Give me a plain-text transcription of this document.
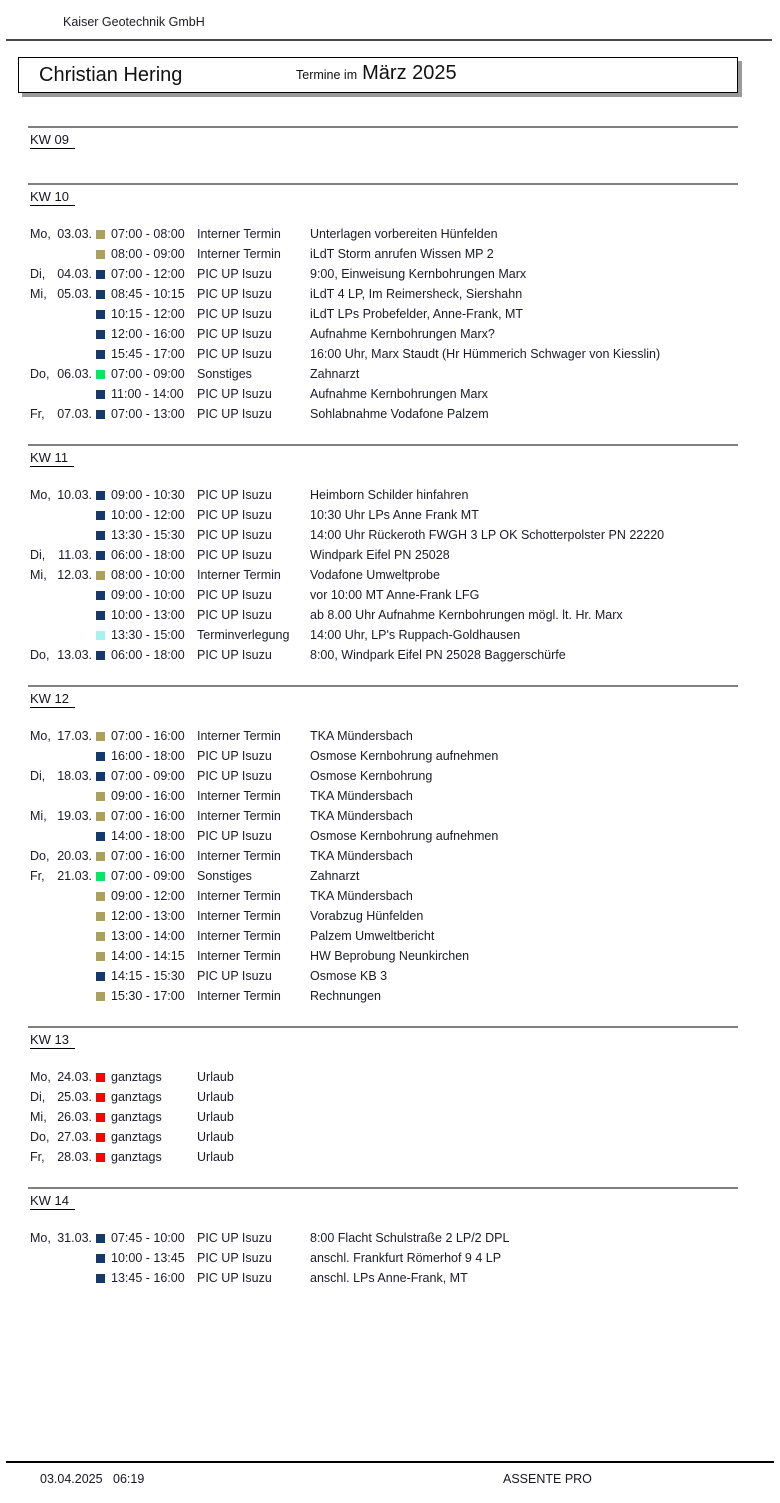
Kaiser Geotechnik GmbH
Christian Hering	Termine im März 2025
KW 09
KW 10
Mo, 03.03. 07:00 - 08:00 Interner Termin	Unterlagen vorbereiten Hünfelden
08:00 - 09:00 Interner Termin	iLdT Storm anrufen Wissen MP 2
Di, 04.03. 07:00 - 12:00 PIC UP Isuzu	9:00, Einweisung Kernbohrungen Marx
Mi, 05.03. 08:45 - 10:15 PIC UP Isuzu	iLdT 4 LP, Im Reimersheck, Siershahn
10:15 - 12:00 PIC UP Isuzu	iLdT LPs Probefelder, Anne-Frank, MT
12:00 - 16:00 PIC UP Isuzu	Aufnahme Kernbohrungen Marx?
15:45 - 17:00 PIC UP Isuzu	16:00 Uhr, Marx Staudt (Hr Hümmerich Schwager von Kiesslin)
Do, 06.03. 07:00 - 09:00 Sonstiges	Zahnarzt
11:00 - 14:00	PIC UP Isuzu	Aufnahme Kernbohrungen Marx
Fr,	07.03. 07:00 - 13:00 PIC UP Isuzu	Sohlabnahme Vodafone Palzem
KW 11
Mo, 10.03. 09:00 - 10:30 PIC UP Isuzu	Heimborn Schilder hinfahren
10:00 - 12:00 PIC UP Isuzu	10:30 Uhr LPs Anne Frank MT
13:30 - 15:30 PIC UP Isuzu	14:00 Uhr Rückeroth FWGH 3 LP OK Schotterpolster PN 22220
Di,	11.03. 06:00 - 18:00 PIC UP Isuzu	Windpark Eifel PN 25028
Mi, 12.03. 08:00 - 10:00 Interner Termin	Vodafone Umweltprobe
09:00 - 10:00 PIC UP Isuzu	vor 10:00 MT Anne-Frank LFG
10:00 - 13:00 PIC UP Isuzu	ab 8.00 Uhr Aufnahme Kernbohrungen mögl. lt. Hr. Marx
13:30 - 15:00 Terminverlegung	14:00 Uhr, LP's Ruppach-Goldhausen
Do, 13.03. 06:00 - 18:00 PIC UP Isuzu	8:00, Windpark Eifel PN 25028 Baggerschürfe
KW 12
Mo, 17.03. 07:00 - 16:00 Interner Termin	TKA Mündersbach
16:00 - 18:00 PIC UP Isuzu	Osmose Kernbohrung aufnehmen
Di, 18.03. 07:00 - 09:00 PIC UP Isuzu	Osmose Kernbohrung
09:00 - 16:00 Interner Termin	TKA Mündersbach
Mi, 19.03. 07:00 - 16:00 Interner Termin	TKA Mündersbach
14:00 - 18:00 PIC UP Isuzu	Osmose Kernbohrung aufnehmen
Do, 20.03. 07:00 - 16:00 Interner Termin	TKA Mündersbach
Fr,	21.03. 07:00 - 09:00 Sonstiges	Zahnarzt
09:00 - 12:00 Interner Termin	TKA Mündersbach
12:00 - 13:00 Interner Termin	Vorabzug Hünfelden
13:00 - 14:00 Interner Termin	Palzem Umweltbericht
14:00 - 14:15 Interner Termin	HW Beprobung Neunkirchen
14:15 - 15:30 PIC UP Isuzu	Osmose KB 3
15:30 - 17:00 Interner Termin	Rechnungen
KW 13
Mo, 24.03. ganztags	Urlaub
Di, 25.03. ganztags	Urlaub
Mi, 26.03. ganztags	Urlaub
Do, 27.03. ganztags	Urlaub
Fr,	28.03. ganztags	Urlaub
KW 14
Mo, 31.03. 07:45 - 10:00 PIC UP Isuzu	8:00 Flacht Schulstraße 2 LP/2 DPL
10:00 - 13:45 PIC UP Isuzu	anschl. Frankfurt Römerhof 9 4 LP
13:45 - 16:00 PIC UP Isuzu	anschl. LPs Anne-Frank, MT
03.04.2025 06:19	ASSENTE PRO
